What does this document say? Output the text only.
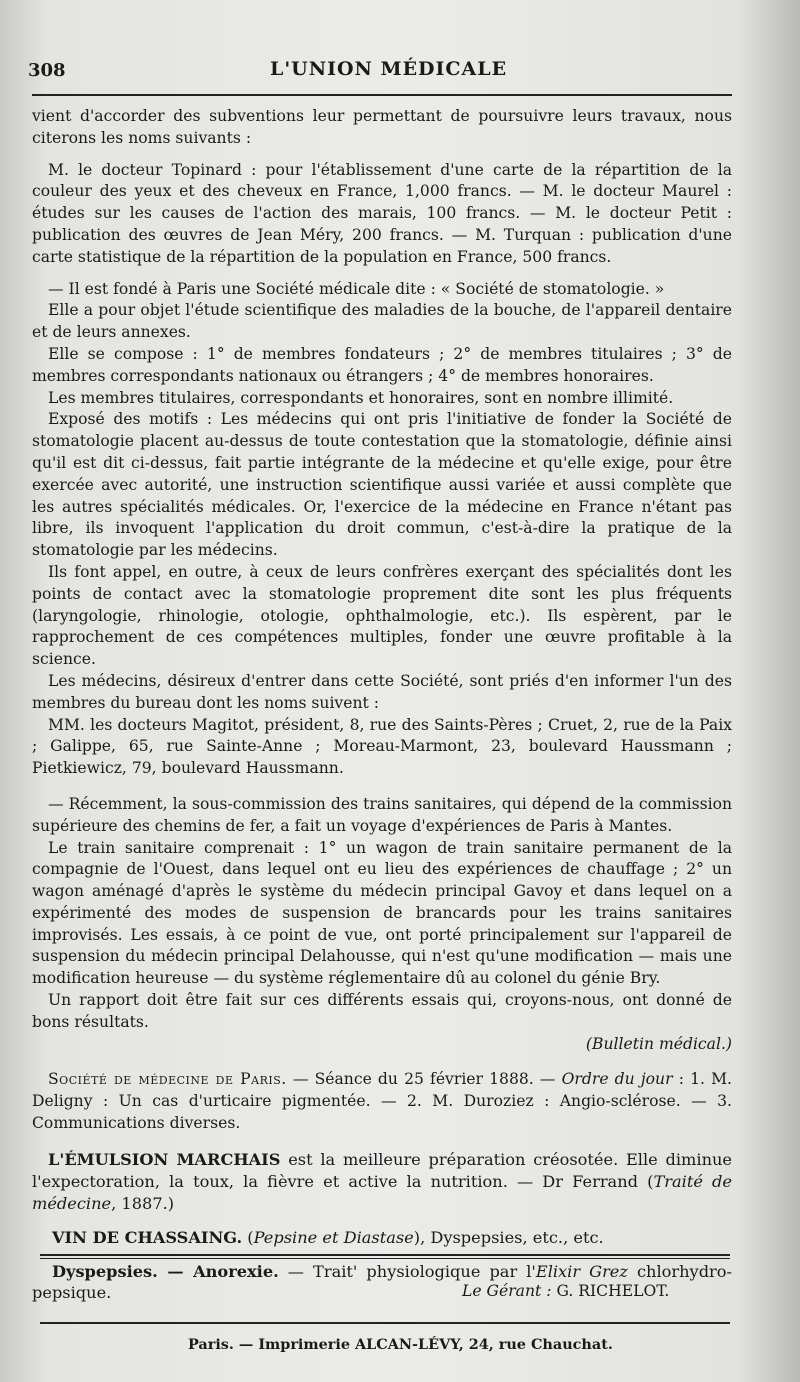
308	L'UNION MÉDICALE

vient d'accorder des subventions leur permettant de poursuivre leurs travaux, nous citerons les noms suivants :

M. le docteur Topinard : pour l'établissement d'une carte de la répartition de la couleur des yeux et des cheveux en France, 1,000 francs. — M. le docteur Maurel : études sur les causes de l'action des marais, 100 francs. — M. le docteur Petit : publication des œuvres de Jean Méry, 200 francs. — M. Turquan : publication d'une carte statistique de la répartition de la population en France, 500 francs.

— Il est fondé à Paris une Société médicale dite : « Société de stomatologie. »

Elle a pour objet l'étude scientifique des maladies de la bouche, de l'appareil dentaire et de leurs annexes.

Elle se compose : 1° de membres fondateurs ; 2° de membres titulaires ; 3° de membres correspondants nationaux ou étrangers ; 4° de membres honoraires.

Les membres titulaires, correspondants et honoraires, sont en nombre illimité.

Exposé des motifs : Les médecins qui ont pris l'initiative de fonder la Société de stomatologie placent au-dessus de toute contestation que la stomatologie, définie ainsi qu'il est dit ci-dessus, fait partie intégrante de la médecine et qu'elle exige, pour être exercée avec autorité, une instruction scientifique aussi variée et aussi complète que les autres spécialités médicales. Or, l'exercice de la médecine en France n'étant pas libre, ils invoquent l'application du droit commun, c'est-à-dire la pratique de la stomatologie par les médecins.

Ils font appel, en outre, à ceux de leurs confrères exerçant des spécialités dont les points de contact avec la stomatologie proprement dite sont les plus fréquents (laryngologie, rhinologie, otologie, ophthalmologie, etc.). Ils espèrent, par le rapprochement de ces compétences multiples, fonder une œuvre profitable à la science.

Les médecins, désireux d'entrer dans cette Société, sont priés d'en informer l'un des membres du bureau dont les noms suivent :

MM. les docteurs Magitot, président, 8, rue des Saints-Pères ; Cruet, 2, rue de la Paix ; Galippe, 65, rue Sainte-Anne ; Moreau-Marmont, 23, boulevard Haussmann ; Pietkiewicz, 79, boulevard Haussmann.

— Récemment, la sous-commission des trains sanitaires, qui dépend de la commission supérieure des chemins de fer, a fait un voyage d'expériences de Paris à Mantes.

Le train sanitaire comprenait : 1° un wagon de train sanitaire permanent de la compagnie de l'Ouest, dans lequel ont eu lieu des expériences de chauffage ; 2° un wagon aménagé d'après le système du médecin principal Gavoy et dans lequel on a expérimenté des modes de suspension de brancards pour les trains sanitaires improvisés. Les essais, à ce point de vue, ont porté principalement sur l'appareil de suspension du médecin principal Delahousse, qui n'est qu'une modification — mais une modification heureuse — du système réglementaire dû au colonel du génie Bry.

Un rapport doit être fait sur ces différents essais qui, croyons-nous, ont donné de bons résultats.

(Bulletin médical.)

Société de médecine de Paris. — Séance du 25 février 1888. — Ordre du jour : 1. M. Deligny : Un cas d'urticaire pigmentée. — 2. M. Duroziez : Angio-sclérose. — 3. Communications diverses.

L'ÉMULSION MARCHAIS est la meilleure préparation créosotée. Elle diminue l'expectoration, la toux, la fièvre et active la nutrition. — Dr Ferrand (Traité de médecine, 1887.)

VIN DE CHASSAING. (Pepsine et Diastase), Dyspepsies, etc., etc.

Dyspepsies. — Anorexie. — Trait' physiologique par l'Elixir Grez chlorhydro-pepsique.	Le Gérant : G. RICHELOT.
Paris. — Imprimerie ALCAN-LÉVY, 24, rue Chauchat.
